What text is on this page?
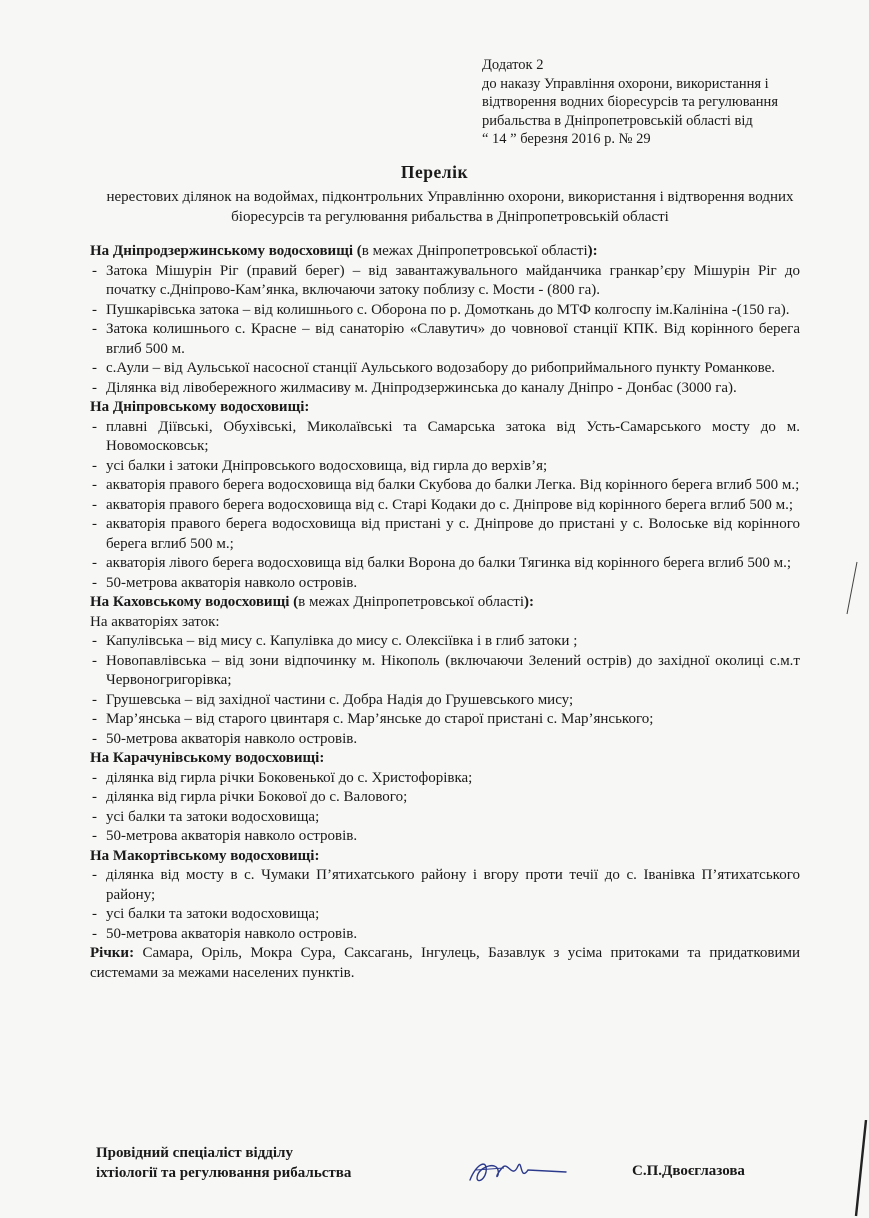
Додаток 2
до наказу Управління охорони, використання і
відтворення водних біоресурсів та регулювання
рибальства в Дніпропетровській області від
“ 14 ” березня 2016 р. № 29
Перелік
нерестових ділянок на водоймах, підконтрольних Управлінню охорони, використання і відтворення водних біоресурсів та регулювання рибальства в Дніпропетровській області
На Дніпродзержинському водосховищі (в межах Дніпропетровської області):
- Затока Мішурін Ріг (правий берег) – від завантажувального майданчика гранкар’єру Мішурін Ріг до початку с.Дніпрово-Кам’янка, включаючи затоку поблизу с. Мости - (800 га).
- Пушкарівська затока – від колишнього с. Оборона по р. Домоткань до МТФ колгоспу ім.Калініна -(150 га).
- Затока колишнього с. Красне – від санаторію «Славутич» до човнової станції КПК. Від корінного берега вглиб 500 м.
- с.Аули – від Аульської насосної станції Аульського водозабору до рибоприймального пункту Романкове.
- Ділянка від лівобережного жилмасиву м. Дніпродзержинська до каналу Дніпро - Донбас (3000 га).
На Дніпровському водосховищі:
- плавні Діївські, Обухівські, Миколаївські та Самарська затока від Усть-Самарського мосту до м. Новомосковськ;
- усі балки і затоки Дніпровського водосховища, від гирла до верхів’я;
- акваторія правого берега водосховища від балки Скубова до балки Легка. Від корінного берега вглиб 500 м.;
- акваторія правого берега водосховища від с. Старі Кодаки до с. Дніпрове від корінного берега вглиб 500 м.;
- акваторія правого берега водосховища від пристані у с. Дніпрове до пристані у с. Волоське від корінного берега вглиб 500 м.;
- акваторія лівого берега водосховища від балки Ворона до балки Тягинка від корінного берега вглиб 500 м.;
- 50-метрова акваторія навколо островів.
На Каховському водосховищі (в межах Дніпропетровської області):
На акваторіях заток:
- Капулівська – від мису с. Капулівка до мису с. Олексіївка і в глиб затоки ;
- Новопавлівська – від зони відпочинку м. Нікополь (включаючи Зелений острів) до західної околиці с.м.т Червоногригорівка;
- Грушевська – від західної частини с. Добра Надія до Грушевського мису;
- Мар’янська – від старого цвинтаря с. Мар’янське до старої пристані с. Мар’янського;
- 50-метрова акваторія навколо островів.
На Карачунівському водосховищі:
- ділянка від гирла річки Боковенької до с. Христофорівка;
- ділянка від гирла річки Бокової до с. Валового;
- усі балки та затоки водосховища;
- 50-метрова акваторія навколо островів.
На Макортівському водосховищі:
- ділянка від мосту в с. Чумаки П’ятихатського району і вгору проти течії до с. Іванівка П’ятихатського району;
- усі балки та затоки водосховища;
- 50-метрова акваторія навколо островів.
Річки: Самара, Оріль, Мокра Сура, Саксагань, Інгулець, Базавлук з усіма притоками та придатковими системами за межами населених пунктів.
Провідний спеціаліст відділу
іхтіології та регулювання рибальства	С.П.Двоєглазова
